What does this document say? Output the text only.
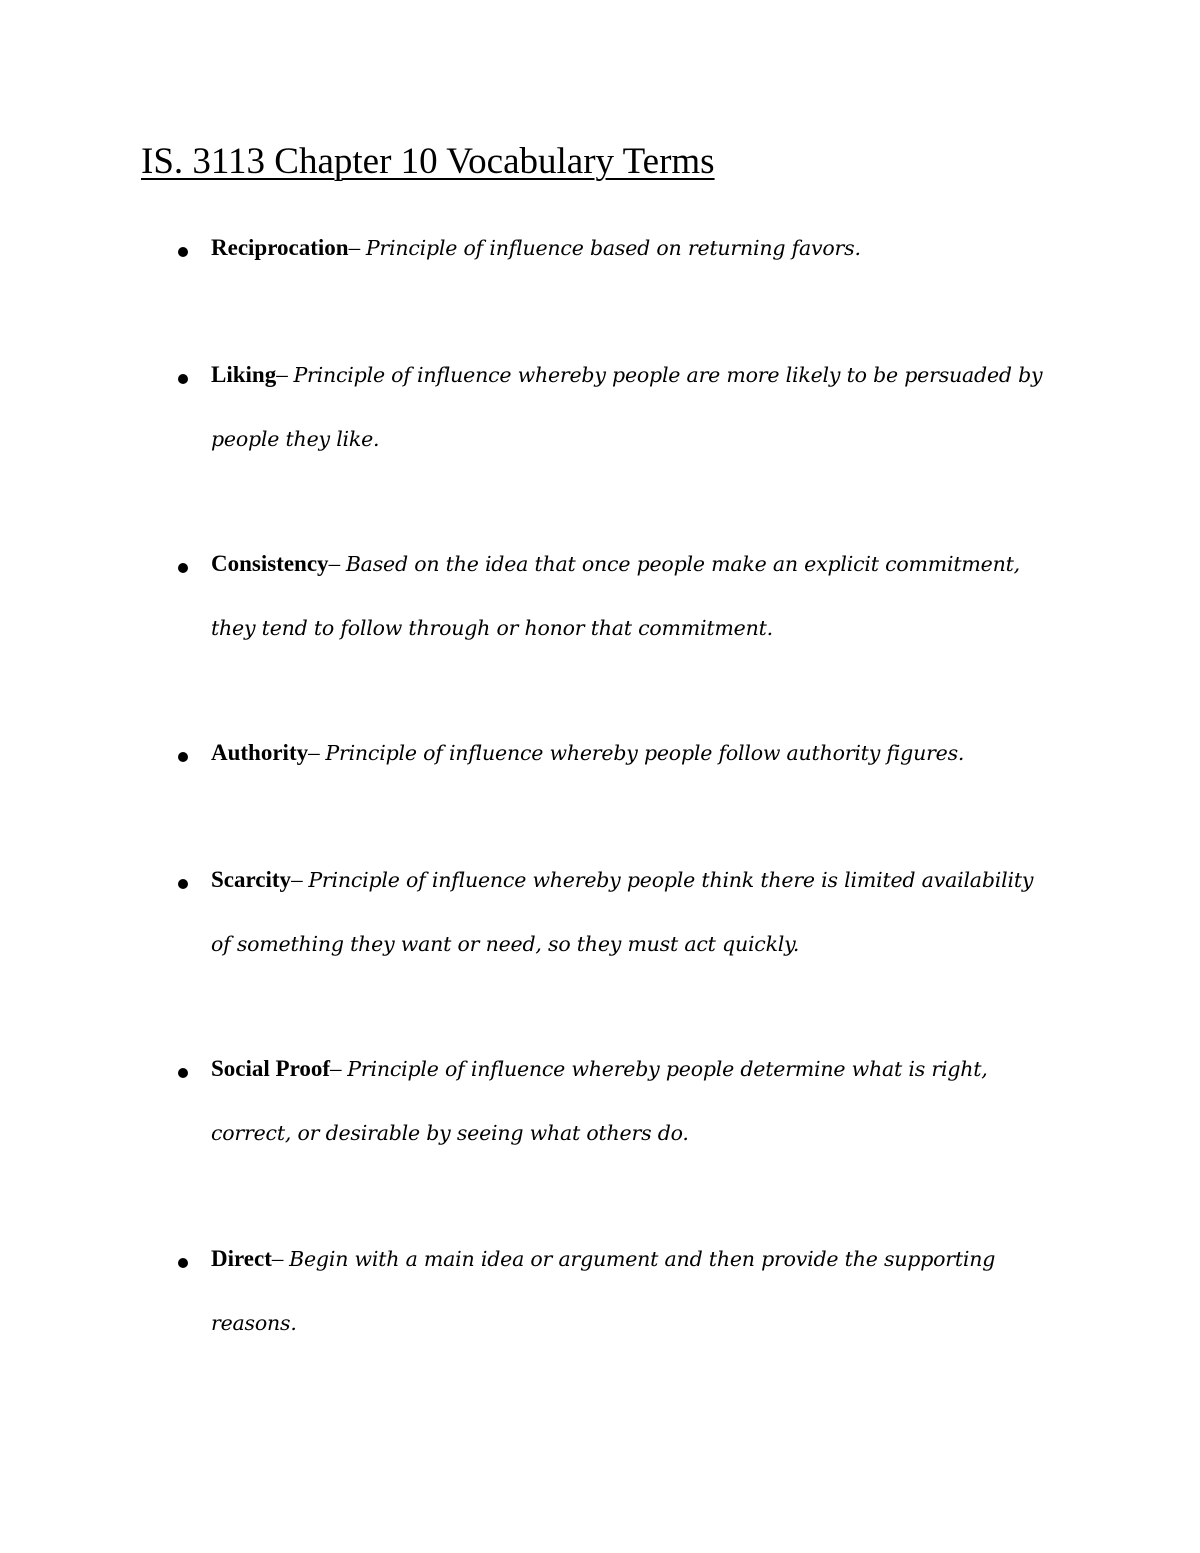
IS. 3113 Chapter 10 Vocabulary Terms
Reciprocation– Principle of influence based on returning favors.
Liking– Principle of influence whereby people are more likely to be persuaded by people they like.
Consistency– Based on the idea that once people make an explicit commitment, they tend to follow through or honor that commitment.
Authority– Principle of influence whereby people follow authority figures.
Scarcity– Principle of influence whereby people think there is limited availability of something they want or need, so they must act quickly.
Social Proof– Principle of influence whereby people determine what is right, correct, or desirable by seeing what others do.
Direct– Begin with a main idea or argument and then provide the supporting reasons.
